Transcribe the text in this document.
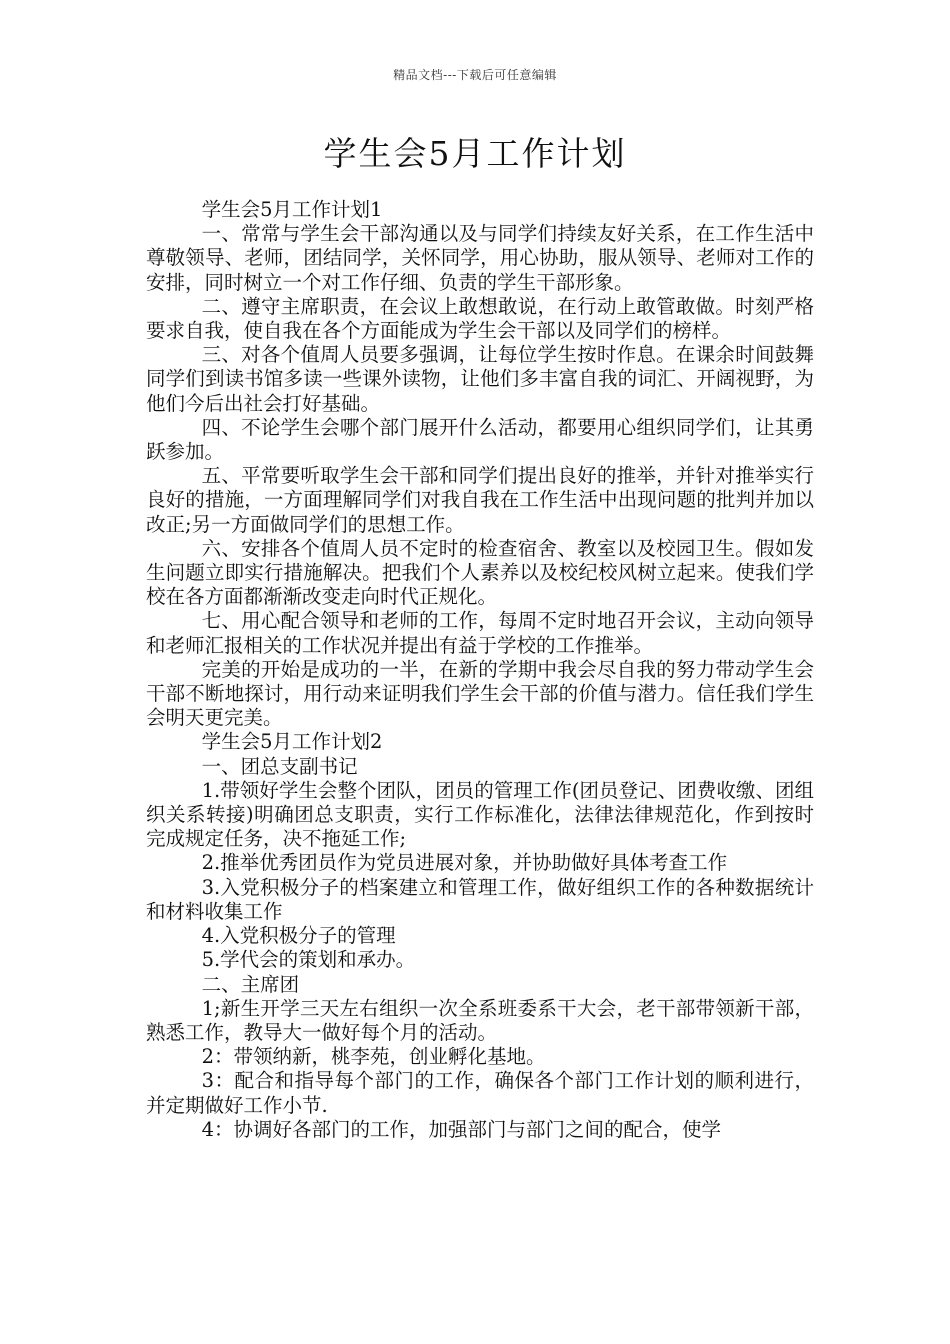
精品文档---下载后可任意编辑
学生会5月工作计划

学生会5月工作计划1

一、常常与学生会干部沟通以及与同学们持续友好关系，在工作生活中尊敬领导、老师，团结同学，关怀同学，用心协助，服从领导、老师对工作的安排，同时树立一个对工作仔细、负责的学生干部形象。

二、遵守主席职责，在会议上敢想敢说，在行动上敢管敢做。时刻严格要求自我，使自我在各个方面能成为学生会干部以及同学们的榜样。

三、对各个值周人员要多强调，让每位学生按时作息。在课余时间鼓舞同学们到读书馆多读一些课外读物，让他们多丰富自我的词汇、开阔视野，为他们今后出社会打好基础。

四、不论学生会哪个部门展开什么活动，都要用心组织同学们，让其勇跃参加。

五、平常要听取学生会干部和同学们提出良好的推举，并针对推举实行良好的措施，一方面理解同学们对我自我在工作生活中出现问题的批判并加以改正;另一方面做同学们的思想工作。

六、安排各个值周人员不定时的检查宿舍、教室以及校园卫生。假如发生问题立即实行措施解决。把我们个人素养以及校纪校风树立起来。使我们学校在各方面都渐渐改变走向时代正规化。

七、用心配合领导和老师的工作，每周不定时地召开会议，主动向领导和老师汇报相关的工作状况并提出有益于学校的工作推举。

完美的开始是成功的一半，在新的学期中我会尽自我的努力带动学生会干部不断地探讨，用行动来证明我们学生会干部的价值与潜力。信任我们学生会明天更完美。

学生会5月工作计划2

一、团总支副书记

1.带领好学生会整个团队，团员的管理工作(团员登记、团费收缴、团组织关系转接)明确团总支职责，实行工作标准化，法律法律规范化，作到按时完成规定任务，决不拖延工作;

2.推举优秀团员作为党员进展对象，并协助做好具体考查工作

3.入党积极分子的档案建立和管理工作，做好组织工作的各种数据统计和材料收集工作

4.入党积极分子的管理

5.学代会的策划和承办。

二、主席团

1;新生开学三天左右组织一次全系班委系干大会，老干部带领新干部，熟悉工作，教导大一做好每个月的活动。

2：带领纳新，桃李苑，创业孵化基地。

3：配合和指导每个部门的工作，确保各个部门工作计划的顺利进行，并定期做好工作小节.

4：协调好各部门的工作，加强部门与部门之间的配合，使学
